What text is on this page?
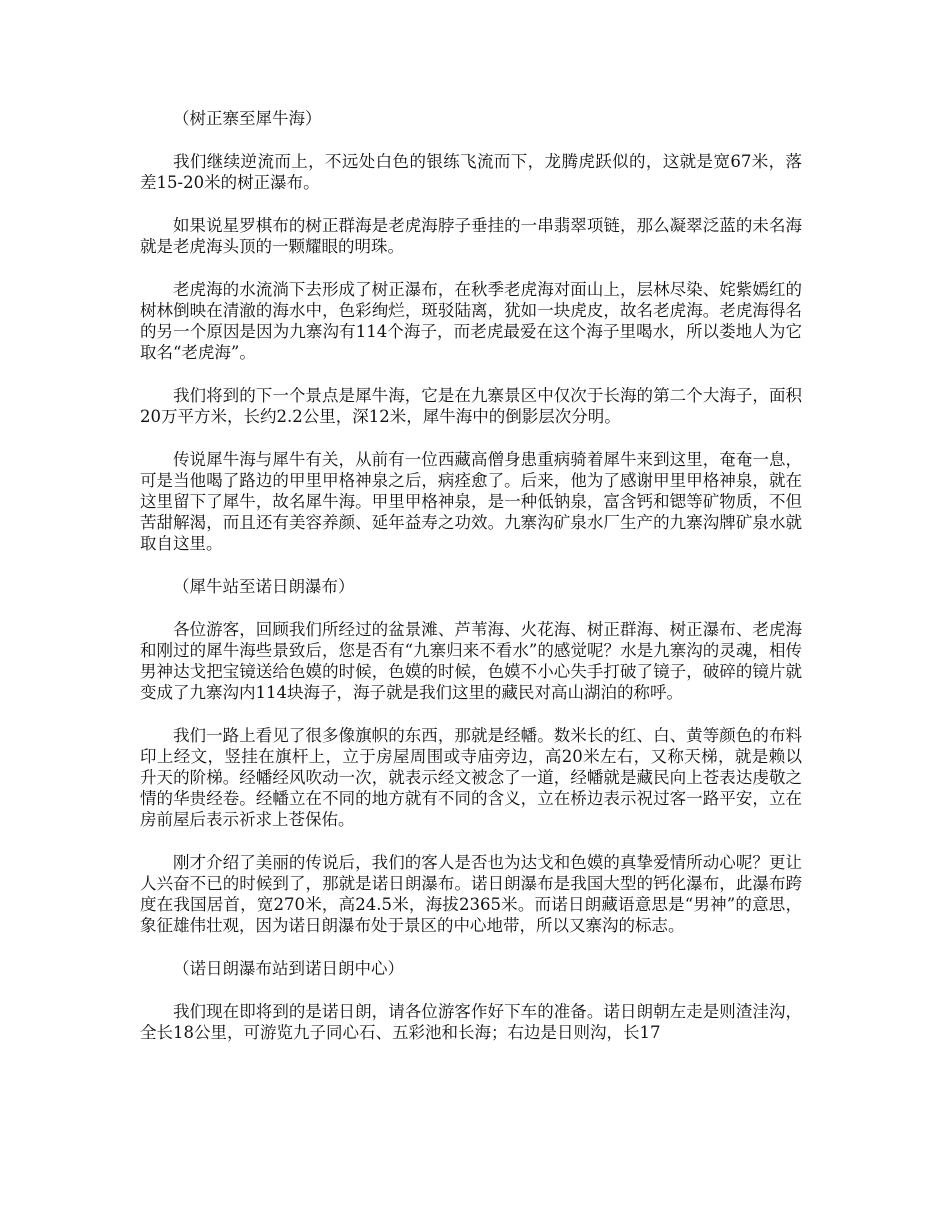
（树正寨至犀牛海）

我们继续逆流而上，不远处白色的银练飞流而下，龙腾虎跃似的，这就是宽67米，落差15-20米的树正瀑布。

如果说星罗棋布的树正群海是老虎海脖子垂挂的一串翡翠项链，那么凝翠泛蓝的未名海就是老虎海头顶的一颗耀眼的明珠。

老虎海的水流淌下去形成了树正瀑布，在秋季老虎海对面山上，层林尽染、姹紫嫣红的树林倒映在清澈的海水中，色彩绚烂，斑驳陆离，犹如一块虎皮，故名老虎海。老虎海得名的另一个原因是因为九寨沟有114个海子，而老虎最爱在这个海子里喝水，所以娄地人为它取名“老虎海”。

我们将到的下一个景点是犀牛海，它是在九寨景区中仅次于长海的第二个大海子，面积20万平方米，长约2.2公里，深12米，犀牛海中的倒影层次分明。

传说犀牛海与犀牛有关，从前有一位西藏高僧身患重病骑着犀牛来到这里，奄奄一息，可是当他喝了路边的甲里甲格神泉之后，病痊愈了。后来，他为了感谢甲里甲格神泉，就在这里留下了犀牛，故名犀牛海。甲里甲格神泉，是一种低钠泉，富含钙和锶等矿物质，不但苦甜解渴，而且还有美容养颜、延年益寿之功效。九寨沟矿泉水厂生产的九寨沟牌矿泉水就取自这里。

（犀牛站至诺日朗瀑布）

各位游客，回顾我们所经过的盆景滩、芦苇海、火花海、树正群海、树正瀑布、老虎海和刚过的犀牛海些景致后，您是否有“九寨归来不看水”的感觉呢？水是九寨沟的灵魂，相传男神达戈把宝镜送给色嫫的时候，色嫫的时候，色嫫不小心失手打破了镜子，破碎的镜片就变成了九寨沟内114块海子，海子就是我们这里的藏民对高山湖泊的称呼。

我们一路上看见了很多像旗帜的东西，那就是经幡。数米长的红、白、黄等颜色的布料印上经文，竖挂在旗杆上，立于房屋周围或寺庙旁边，高20米左右，又称天梯，就是赖以升天的阶梯。经幡经风吹动一次，就表示经文被念了一道，经幡就是藏民向上苍表达虔敬之情的华贵经卷。经幡立在不同的地方就有不同的含义，立在桥边表示祝过客一路平安，立在房前屋后表示祈求上苍保佑。

刚才介绍了美丽的传说后，我们的客人是否也为达戈和色嫫的真挚爱情所动心呢？更让人兴奋不已的时候到了，那就是诺日朗瀑布。诺日朗瀑布是我国大型的钙化瀑布，此瀑布跨度在我国居首，宽270米，高24.5米，海拔2365米。而诺日朗藏语意思是“男神”的意思，象征雄伟壮观，因为诺日朗瀑布处于景区的中心地带，所以又寨沟的标志。

（诺日朗瀑布站到诺日朗中心）

我们现在即将到的是诺日朗，请各位游客作好下车的准备。诺日朗朝左走是则渣洼沟，全长18公里，可游览九子同心石、五彩池和长海；右边是日则沟，长17
